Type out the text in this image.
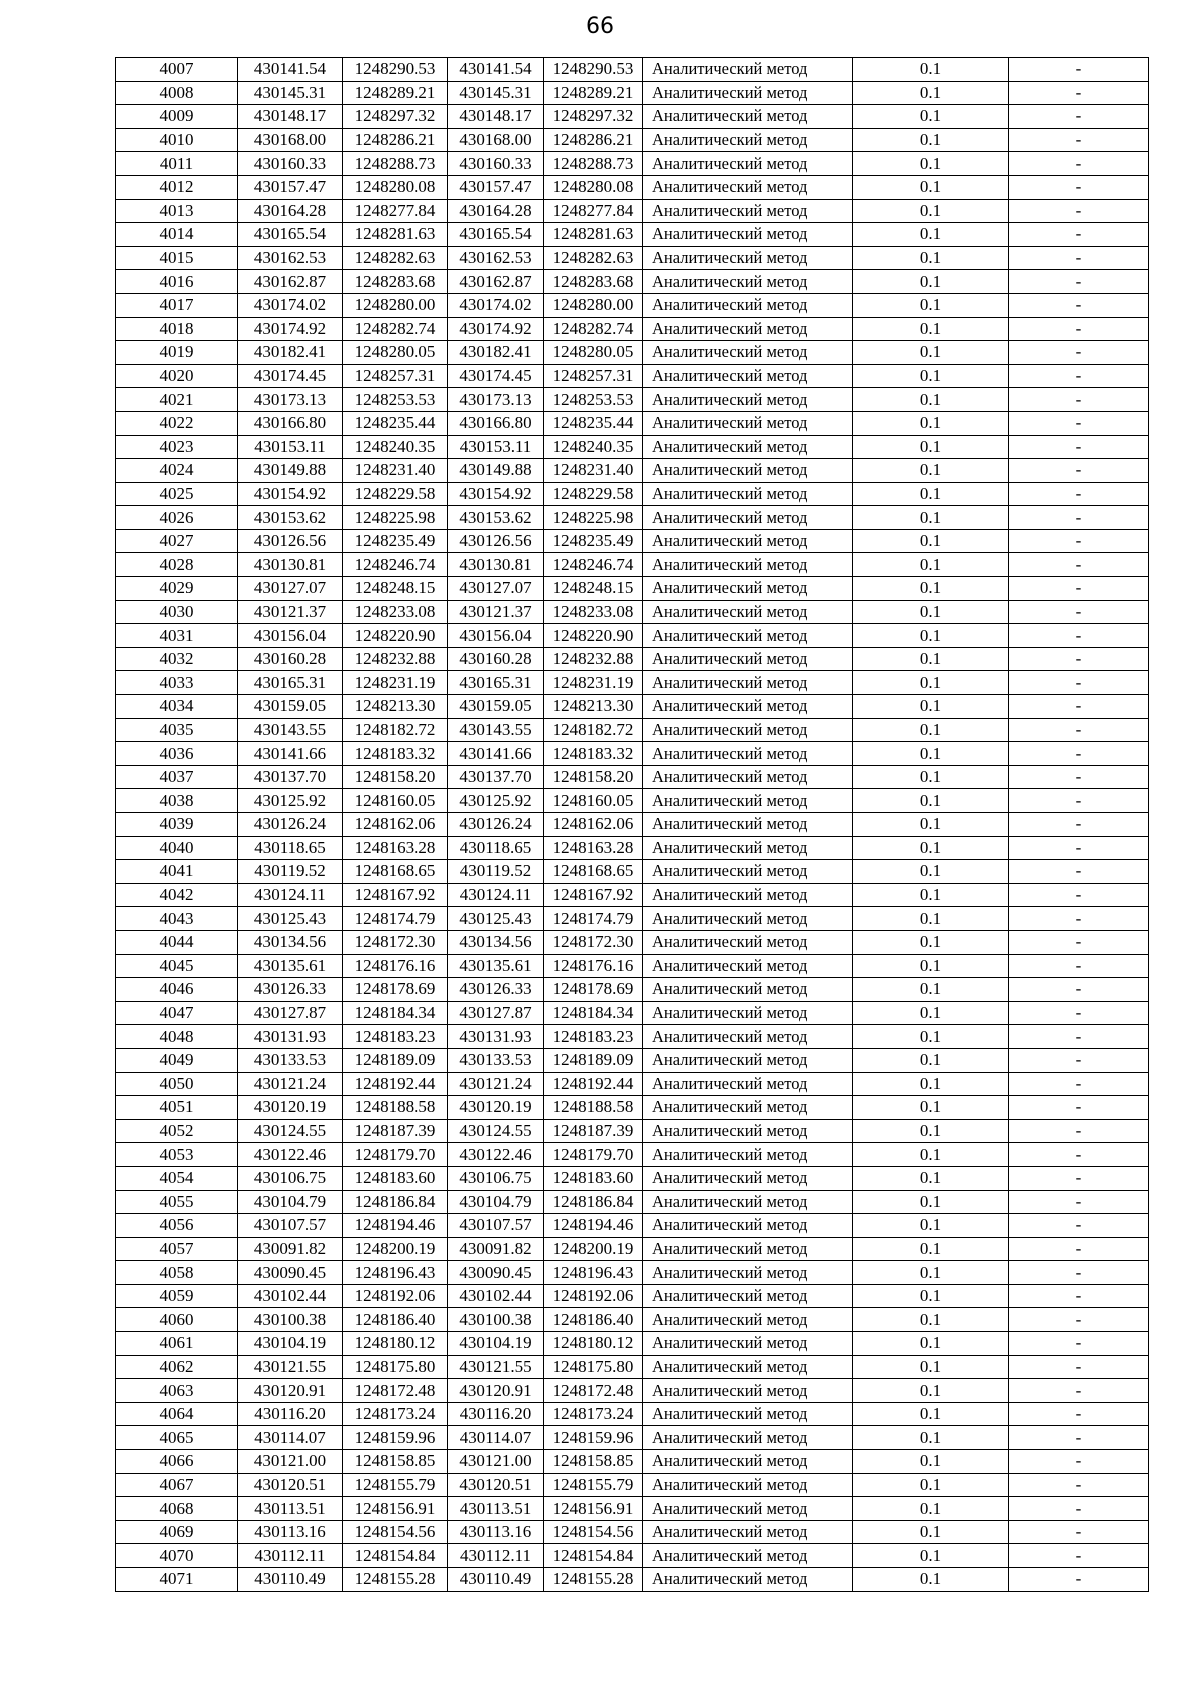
66
4007	430141.54	1248290.53	430141.54	1248290.53	Аналитический метод	0.1	-
4008	430145.31	1248289.21	430145.31	1248289.21	Аналитический метод	0.1	-
4009	430148.17	1248297.32	430148.17	1248297.32	Аналитический метод	0.1	-
4010	430168.00	1248286.21	430168.00	1248286.21	Аналитический метод	0.1	-
4011	430160.33	1248288.73	430160.33	1248288.73	Аналитический метод	0.1	-
4012	430157.47	1248280.08	430157.47	1248280.08	Аналитический метод	0.1	-
4013	430164.28	1248277.84	430164.28	1248277.84	Аналитический метод	0.1	-
4014	430165.54	1248281.63	430165.54	1248281.63	Аналитический метод	0.1	-
4015	430162.53	1248282.63	430162.53	1248282.63	Аналитический метод	0.1	-
4016	430162.87	1248283.68	430162.87	1248283.68	Аналитический метод	0.1	-
4017	430174.02	1248280.00	430174.02	1248280.00	Аналитический метод	0.1	-
4018	430174.92	1248282.74	430174.92	1248282.74	Аналитический метод	0.1	-
4019	430182.41	1248280.05	430182.41	1248280.05	Аналитический метод	0.1	-
4020	430174.45	1248257.31	430174.45	1248257.31	Аналитический метод	0.1	-
4021	430173.13	1248253.53	430173.13	1248253.53	Аналитический метод	0.1	-
4022	430166.80	1248235.44	430166.80	1248235.44	Аналитический метод	0.1	-
4023	430153.11	1248240.35	430153.11	1248240.35	Аналитический метод	0.1	-
4024	430149.88	1248231.40	430149.88	1248231.40	Аналитический метод	0.1	-
4025	430154.92	1248229.58	430154.92	1248229.58	Аналитический метод	0.1	-
4026	430153.62	1248225.98	430153.62	1248225.98	Аналитический метод	0.1	-
4027	430126.56	1248235.49	430126.56	1248235.49	Аналитический метод	0.1	-
4028	430130.81	1248246.74	430130.81	1248246.74	Аналитический метод	0.1	-
4029	430127.07	1248248.15	430127.07	1248248.15	Аналитический метод	0.1	-
4030	430121.37	1248233.08	430121.37	1248233.08	Аналитический метод	0.1	-
4031	430156.04	1248220.90	430156.04	1248220.90	Аналитический метод	0.1	-
4032	430160.28	1248232.88	430160.28	1248232.88	Аналитический метод	0.1	-
4033	430165.31	1248231.19	430165.31	1248231.19	Аналитический метод	0.1	-
4034	430159.05	1248213.30	430159.05	1248213.30	Аналитический метод	0.1	-
4035	430143.55	1248182.72	430143.55	1248182.72	Аналитический метод	0.1	-
4036	430141.66	1248183.32	430141.66	1248183.32	Аналитический метод	0.1	-
4037	430137.70	1248158.20	430137.70	1248158.20	Аналитический метод	0.1	-
4038	430125.92	1248160.05	430125.92	1248160.05	Аналитический метод	0.1	-
4039	430126.24	1248162.06	430126.24	1248162.06	Аналитический метод	0.1	-
4040	430118.65	1248163.28	430118.65	1248163.28	Аналитический метод	0.1	-
4041	430119.52	1248168.65	430119.52	1248168.65	Аналитический метод	0.1	-
4042	430124.11	1248167.92	430124.11	1248167.92	Аналитический метод	0.1	-
4043	430125.43	1248174.79	430125.43	1248174.79	Аналитический метод	0.1	-
4044	430134.56	1248172.30	430134.56	1248172.30	Аналитический метод	0.1	-
4045	430135.61	1248176.16	430135.61	1248176.16	Аналитический метод	0.1	-
4046	430126.33	1248178.69	430126.33	1248178.69	Аналитический метод	0.1	-
4047	430127.87	1248184.34	430127.87	1248184.34	Аналитический метод	0.1	-
4048	430131.93	1248183.23	430131.93	1248183.23	Аналитический метод	0.1	-
4049	430133.53	1248189.09	430133.53	1248189.09	Аналитический метод	0.1	-
4050	430121.24	1248192.44	430121.24	1248192.44	Аналитический метод	0.1	-
4051	430120.19	1248188.58	430120.19	1248188.58	Аналитический метод	0.1	-
4052	430124.55	1248187.39	430124.55	1248187.39	Аналитический метод	0.1	-
4053	430122.46	1248179.70	430122.46	1248179.70	Аналитический метод	0.1	-
4054	430106.75	1248183.60	430106.75	1248183.60	Аналитический метод	0.1	-
4055	430104.79	1248186.84	430104.79	1248186.84	Аналитический метод	0.1	-
4056	430107.57	1248194.46	430107.57	1248194.46	Аналитический метод	0.1	-
4057	430091.82	1248200.19	430091.82	1248200.19	Аналитический метод	0.1	-
4058	430090.45	1248196.43	430090.45	1248196.43	Аналитический метод	0.1	-
4059	430102.44	1248192.06	430102.44	1248192.06	Аналитический метод	0.1	-
4060	430100.38	1248186.40	430100.38	1248186.40	Аналитический метод	0.1	-
4061	430104.19	1248180.12	430104.19	1248180.12	Аналитический метод	0.1	-
4062	430121.55	1248175.80	430121.55	1248175.80	Аналитический метод	0.1	-
4063	430120.91	1248172.48	430120.91	1248172.48	Аналитический метод	0.1	-
4064	430116.20	1248173.24	430116.20	1248173.24	Аналитический метод	0.1	-
4065	430114.07	1248159.96	430114.07	1248159.96	Аналитический метод	0.1	-
4066	430121.00	1248158.85	430121.00	1248158.85	Аналитический метод	0.1	-
4067	430120.51	1248155.79	430120.51	1248155.79	Аналитический метод	0.1	-
4068	430113.51	1248156.91	430113.51	1248156.91	Аналитический метод	0.1	-
4069	430113.16	1248154.56	430113.16	1248154.56	Аналитический метод	0.1	-
4070	430112.11	1248154.84	430112.11	1248154.84	Аналитический метод	0.1	-
4071	430110.49	1248155.28	430110.49	1248155.28	Аналитический метод	0.1	-
